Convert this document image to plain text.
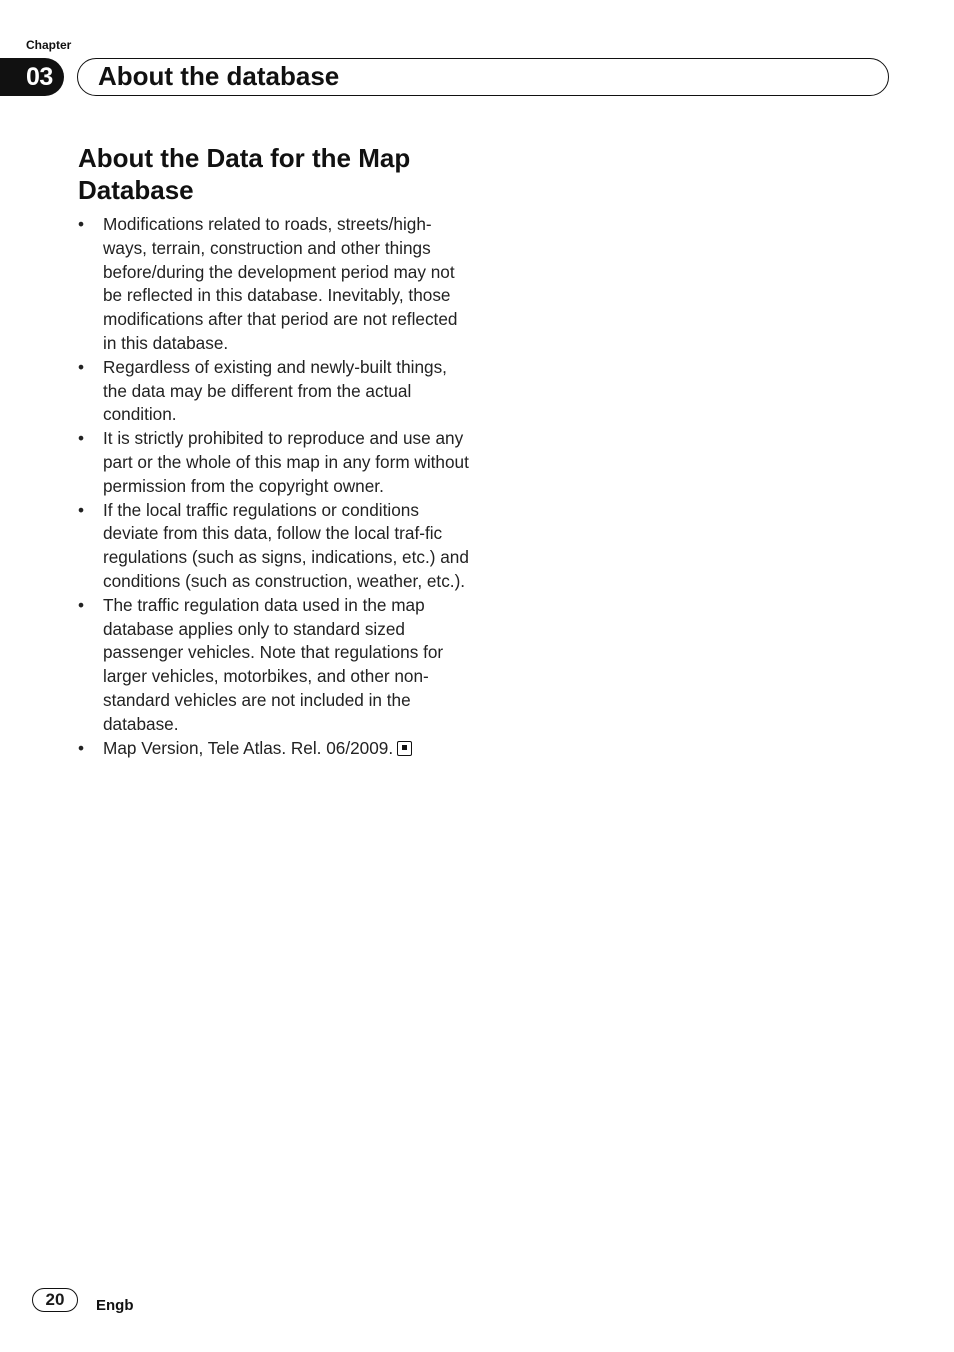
Chapter
03	About the database
About the Data for the Map Database
•	Modifications related to roads, streets/high-ways, terrain, construction and other things before/during the development period may not be reflected in this database. Inevitably, those modifications after that period are not reflected in this database.
•	Regardless of existing and newly-built things, the data may be different from the actual condition.
•	It is strictly prohibited to reproduce and use any part or the whole of this map in any form without permission from the copyright owner.
•	If the local traffic regulations or conditions deviate from this data, follow the local traf-fic regulations (such as signs, indications, etc.) and conditions (such as construction, weather, etc.).
•	The traffic regulation data used in the map database applies only to standard sized passenger vehicles. Note that regulations for larger vehicles, motorbikes, and other non-standard vehicles are not included in the database.
•	Map Version, Tele Atlas. Rel. 06/2009.
20	Engb
